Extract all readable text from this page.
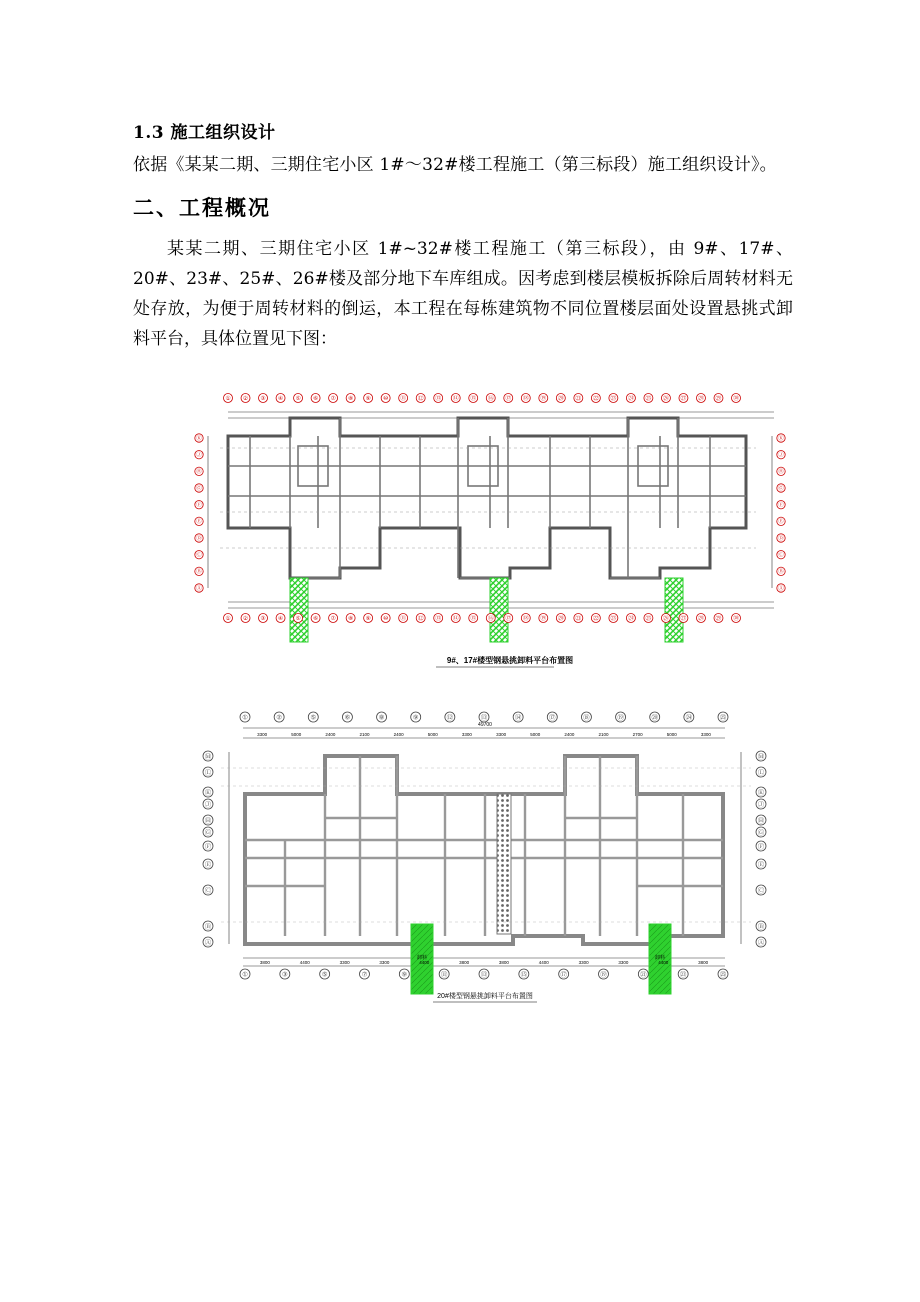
1.3 施工组织设计
依据《某某二期、三期住宅小区 1#～32#楼工程施工（第三标段）施工组织设计》。
二、工程概况
某某二期、三期住宅小区 1#~32#楼工程施工（第三标段），由 9#、17#、20#、23#、25#、26#楼及部分地下车库组成。因考虑到楼层模板拆除后周转材料无处存放，为便于周转材料的倒运，本工程在每栋建筑物不同位置楼层面处设置悬挑式卸料平台，具体位置见下图：
①
①
②
②
③
③
④
④
⑤
⑤
⑥
⑥
⑦
⑦
⑧
⑧
⑨
⑨
⑩
⑩
⑪
⑪
⑫
⑫
⑬
⑬
⑭
⑭
⑮
⑮
⑯
⑯
⑰
⑰
⑱
⑱
⑲
⑲
⑳
⑳
㉑
㉑
㉒
㉒
㉓
㉓
㉔
㉔
㉕
㉕
㉖
㉖
㉗
㉗
㉘
㉘
㉙
㉙
㉚
㉚
Ⓚ	Ⓚ
Ⓙ	Ⓙ
Ⓗ	Ⓗ
Ⓖ	Ⓖ
Ⓕ	Ⓕ
Ⓔ	Ⓔ
Ⓓ	Ⓓ
Ⓒ	Ⓒ
Ⓑ	Ⓑ
Ⓐ	Ⓐ
9#、17#楼型钢悬挑卸料平台布置图
卸料	卸料
49700
①	②	⑤	⑥	⑧	⑨	⑫	⑬	⑭	⑰	⑱	⑲	⑳	㉔	㉕
3300	5000	2400	2100	2400	5000	3300	3300	5000	2400	2100	2700	5000	3300
①	③	⑤	⑦	⑨	⑪	⑬	⑮	⑰	⑲	㉑	㉓	㉕
3800	4400	3300	3300	4400	3800	3800	4400	3300	3300	4400	3800
Ⓜ	Ⓜ
Ⓛ	Ⓛ
Ⓚ	Ⓚ
Ⓙ	Ⓙ
Ⓗ	Ⓗ
Ⓖ	Ⓖ
Ⓕ	Ⓕ
Ⓔ	Ⓔ
Ⓒ	Ⓒ
Ⓑ	Ⓑ
Ⓐ	Ⓐ
20#楼型钢悬挑卸料平台布置图
